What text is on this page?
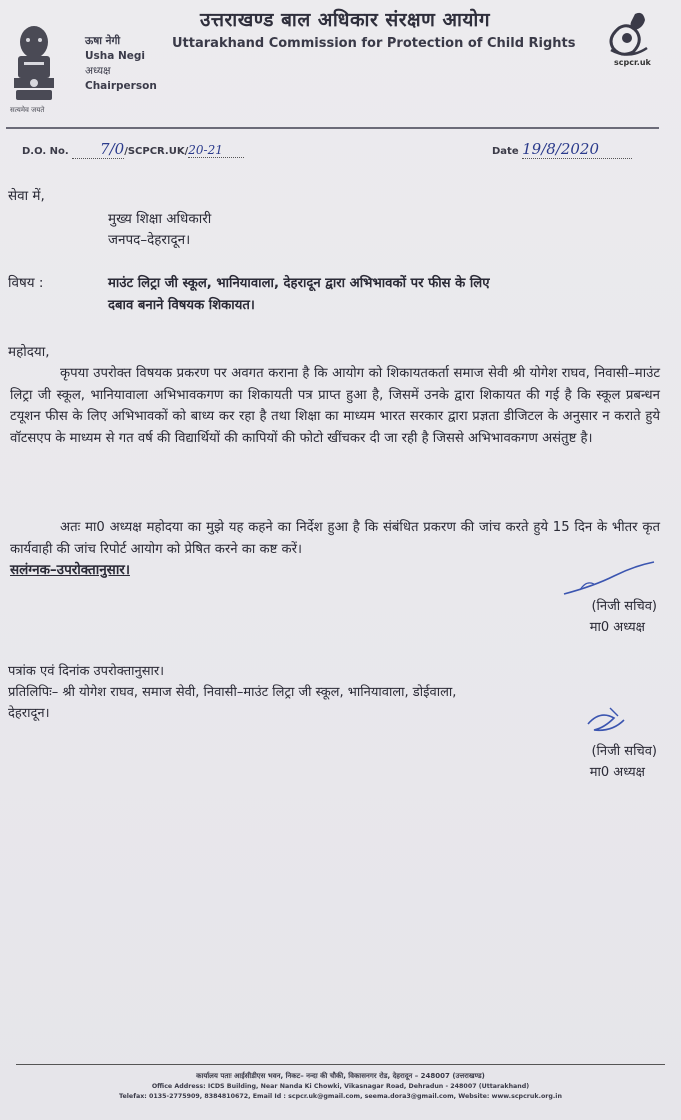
सत्यमेव जयते
ऊषा नेगी
Usha Negi
अध्यक्ष
Chairperson
उत्तराखण्ड बाल अधिकार संरक्षण आयोग
Uttarakhand Commission for Protection of Child Rights
scpcr.uk
D.O. No. 7/0/SCPCR.UK/20-21	Date 19/8/2020
सेवा में,
मुख्य शिक्षा अधिकारी
जनपद–देहरादून।
विषय :	माउंट लिट्रा जी स्कूल, भानियावाला, देहरादून द्वारा अभिभावकों पर फीस के लिए
दबाव बनाने विषयक शिकायत।
महोदया,
कृपया उपरोक्त विषयक प्रकरण पर अवगत कराना है कि आयोग को शिकायतकर्ता समाज सेवी श्री योगेश राघव, निवासी–माउंट लिट्रा जी स्कूल, भानियावाला अभिभावकगण का शिकायती पत्र प्राप्त हुआ है, जिसमें उनके द्वारा शिकायत की गई है कि स्कूल प्रबन्धन टयूशन फीस के लिए अभिभावकों को बाध्य कर रहा है तथा शिक्षा का माध्यम भारत सरकार द्वारा प्रज्ञता डीजिटल के अनुसार न कराते हुये वॉटसएप के माध्यम से गत वर्ष की विद्यार्थियों की कापियों की फोटो खींचकर दी जा रही है जिससे अभिभावकगण असंतुष्ट है।
अतः मा0 अध्यक्ष महोदया का मुझे यह कहने का निर्देश हुआ है कि संबंधित प्रकरण की जांच करते हुये 15 दिन के भीतर कृत कार्यवाही की जांच रिपोर्ट आयोग को प्रेषित करने का कष्ट करें।
सलंग्नक–उपरोक्तानुसार।
(निजी सचिव)
मा0 अध्यक्ष
पत्रांक एवं दिनांक उपरोक्तानुसार।
प्रतिलिपिः– श्री योगेश राघव, समाज सेवी, निवासी–माउंट लिट्रा जी स्कूल, भानियावाला, डोईवाला,
देहरादून।
(निजी सचिव)
मा0 अध्यक्ष
कार्यालय पताः आईसीडीएस भवन, निकट– नन्दा की चौकी, विकासनगर रोड, देहरादून – 248007 (उत्तराखण्ड)
Office Address: ICDS Building, Near Nanda Ki Chowki, Vikasnagar Road, Dehradun - 248007 (Uttarakhand)
Telefax: 0135-2775909, 8384810672, Email Id : scpcr.uk@gmail.com, seema.dora3@gmail.com, Website: www.scpcruk.org.in
